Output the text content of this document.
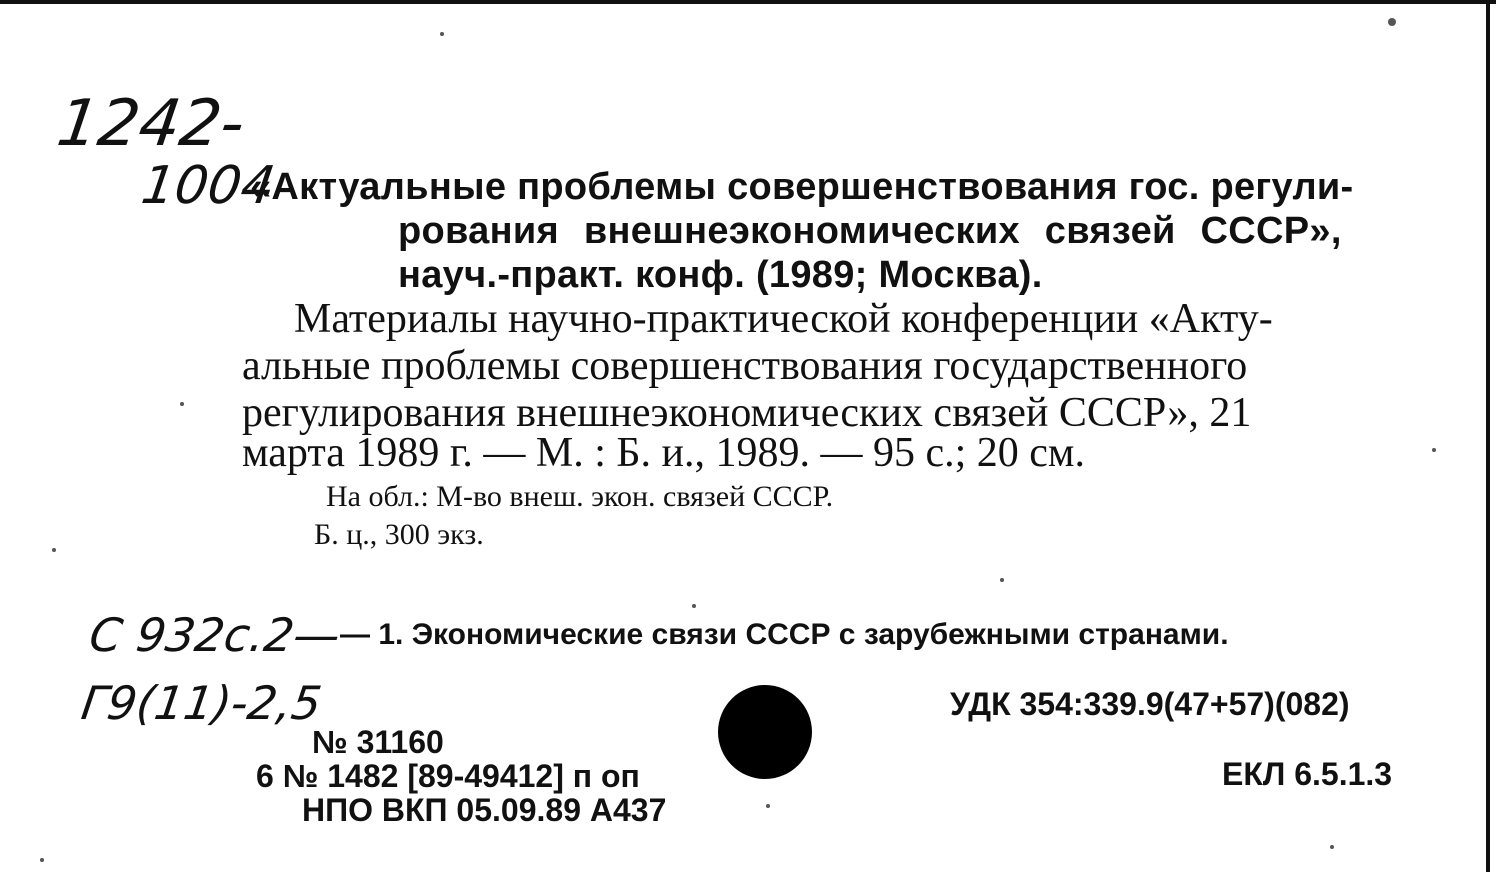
1242-
1004
«Актуальные проблемы совершенствования гос. регули-
рования внешнеэкономических связей СССР»,
науч.-практ. конф. (1989; Москва).
Материалы научно-практической конференции «Акту-
альные проблемы совершенствования государственного
регулирования внешнеэкономических связей СССР», 21
марта 1989 г. — М. : Б. и., 1989. — 95 с.; 20 см.
На обл.: М-во внеш. экон. связей СССР.
Б. ц., 300 экз.
С 932с.2—
— 1. Экономические связи СССР с зарубежными странами.
Г9(11)-2,5	УДК 354:339.9(47+57)(082)
ЕКЛ 6.5.1.3
№ 31160
6 № 1482 [89-49412] п оп
НПО ВКП 05.09.89 А437
